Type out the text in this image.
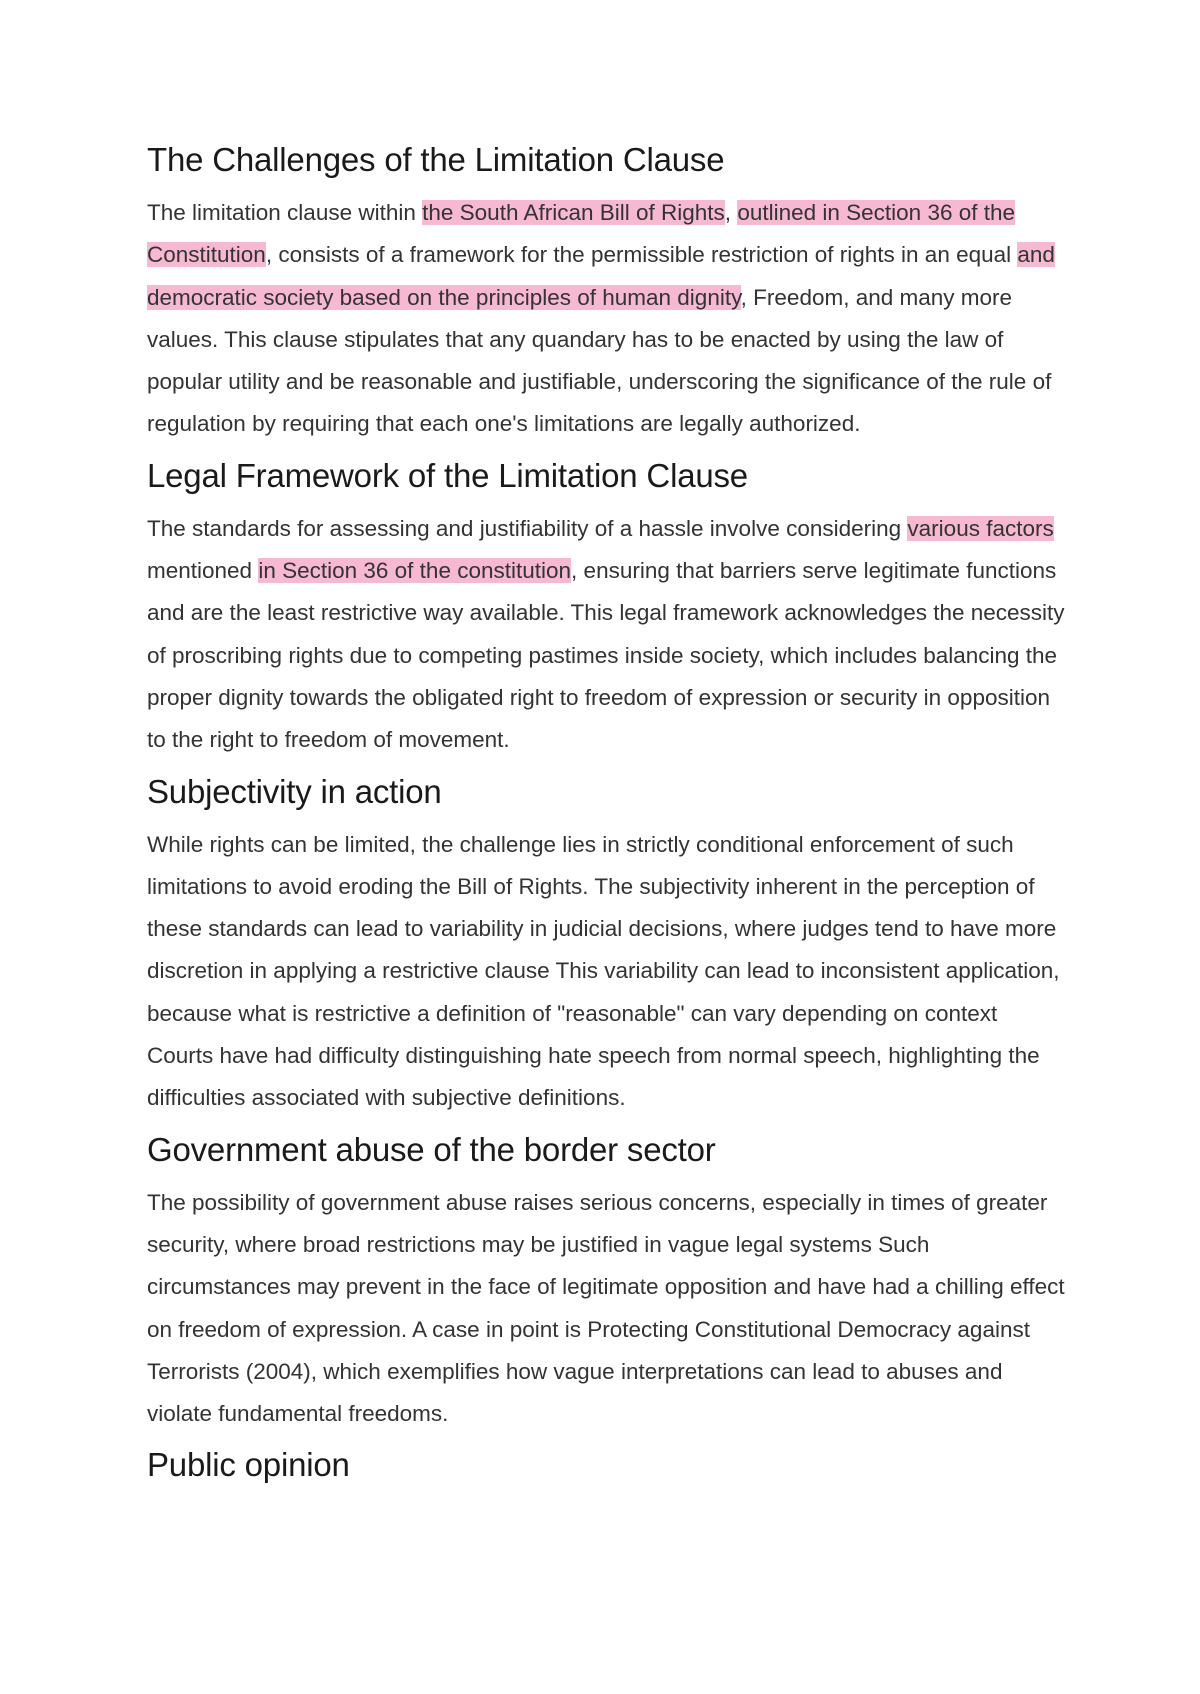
The Challenges of the Limitation Clause

The limitation clause within the South African Bill of Rights, outlined in Section 36 of the Constitution, consists of a framework for the permissible restriction of rights in an equal and democratic society based on the principles of human dignity, Freedom, and many more values. This clause stipulates that any quandary has to be enacted by using the law of popular utility and be reasonable and justifiable, underscoring the significance of the rule of regulation by requiring that each one's limitations are legally authorized.

Legal Framework of the Limitation Clause

The standards for assessing and justifiability of a hassle involve considering various factors mentioned in Section 36 of the constitution, ensuring that barriers serve legitimate functions and are the least restrictive way available. This legal framework acknowledges the necessity of proscribing rights due to competing pastimes inside society, which includes balancing the proper dignity towards the obligated right to freedom of expression or security in opposition to the right to freedom of movement.

Subjectivity in action

While rights can be limited, the challenge lies in strictly conditional enforcement of such limitations to avoid eroding the Bill of Rights. The subjectivity inherent in the perception of these standards can lead to variability in judicial decisions, where judges tend to have more discretion in applying a restrictive clause This variability can lead to inconsistent application, because what is restrictive a definition of "reasonable" can vary depending on context Courts have had difficulty distinguishing hate speech from normal speech, highlighting the difficulties associated with subjective definitions.

Government abuse of the border sector

The possibility of government abuse raises serious concerns, especially in times of greater security, where broad restrictions may be justified in vague legal systems Such circumstances may prevent in the face of legitimate opposition and have had a chilling effect on freedom of expression. A case in point is Protecting Constitutional Democracy against Terrorists (2004), which exemplifies how vague interpretations can lead to abuses and violate fundamental freedoms.

Public opinion
